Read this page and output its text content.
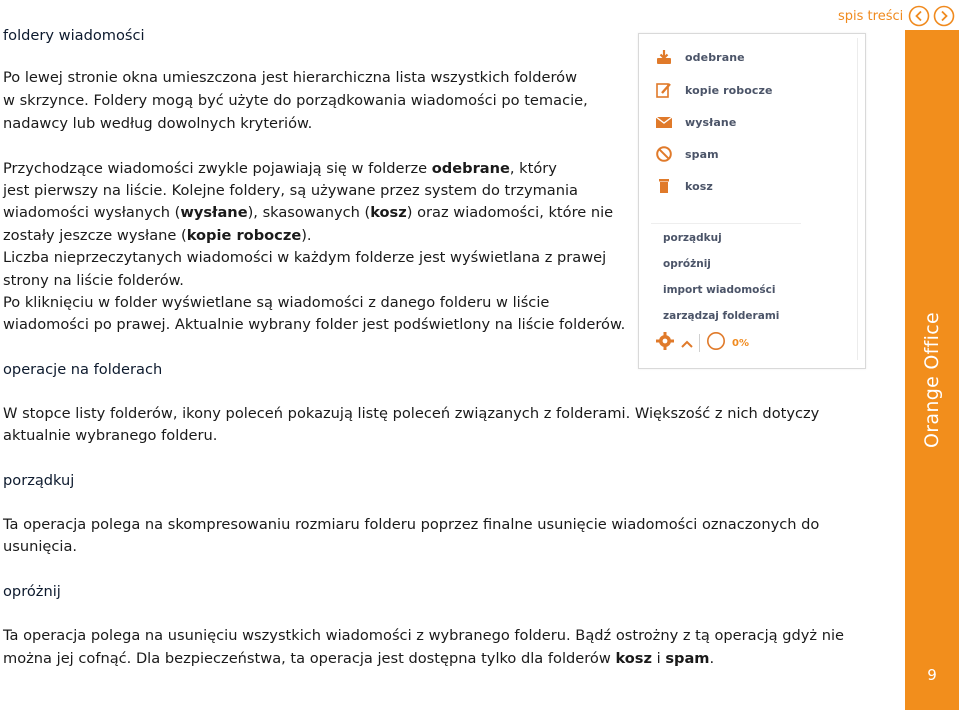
spis treści
Orange Office
9

foldery wiadomości

Po lewej stronie okna umieszczona jest hierarchiczna lista wszystkich folderów

w skrzynce. Foldery mogą być użyte do porządkowania wiadomości po temacie,

nadawcy lub według dowolnych kryteriów.

Przychodzące wiadomości zwykle pojawiają się w folderze odebrane, który

jest pierwszy na liście. Kolejne foldery, są używane przez system do trzymania

wiadomości wysłanych (wysłane), skasowanych (kosz) oraz wiadomości, które nie

zostały jeszcze wysłane (kopie robocze).

Liczba nieprzeczytanych wiadomości w każdym folderze jest wyświetlana z prawej

strony na liście folderów.

Po kliknięciu w folder wyświetlane są wiadomości z danego folderu w liście

wiadomości po prawej. Aktualnie wybrany folder jest podświetlony na liście folderów.

operacje na folderach

W stopce listy folderów, ikony poleceń pokazują listę poleceń związanych z folderami. Większość z nich dotyczy

aktualnie wybranego folderu.

porządkuj

Ta operacja polega na skompresowaniu rozmiaru folderu poprzez finalne usunięcie wiadomości oznaczonych do

usunięcia.

opróżnij

Ta operacja polega na usunięciu wszystkich wiadomości z wybranego folderu. Bądź ostrożny z tą operacją gdyż nie

można jej cofnąć. Dla bezpieczeństwa, ta operacja jest dostępna tylko dla folderów kosz i spam.

odebrane
kopie robocze
wysłane
spam
kosz
porządkuj
opróżnij
import wiadomości
zarządzaj folderami
0%
